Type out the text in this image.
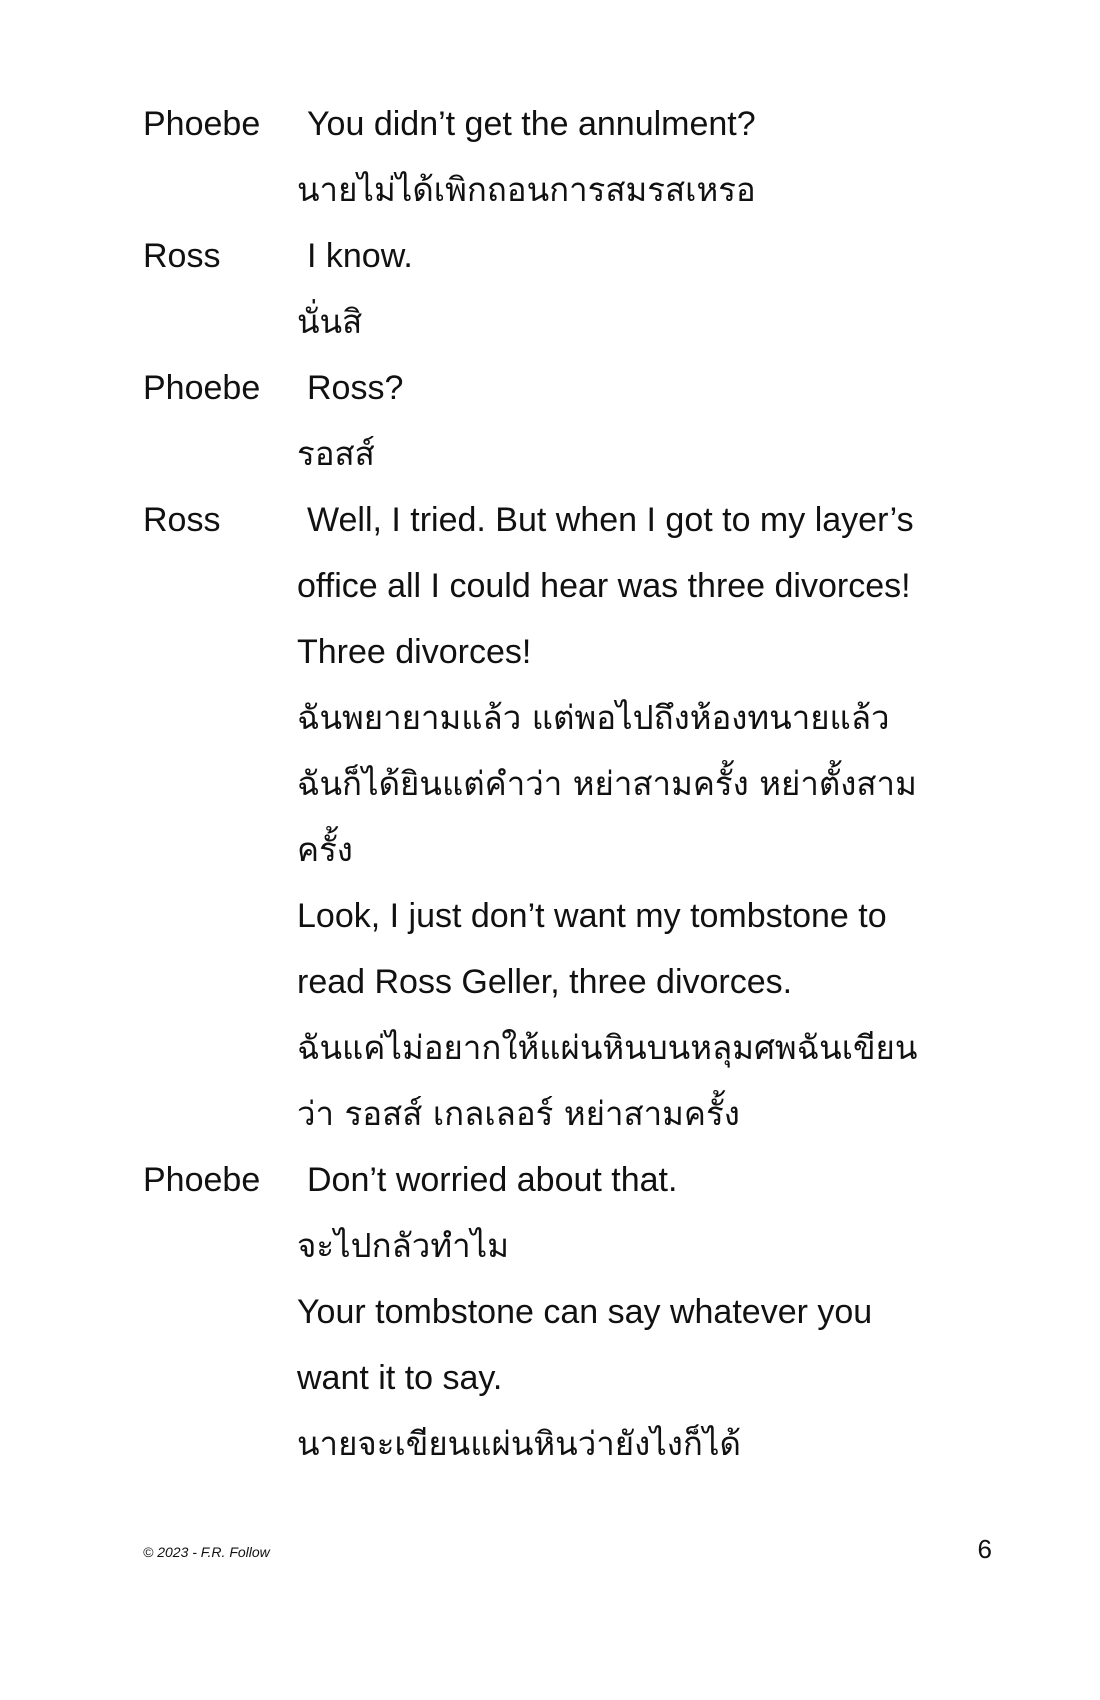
Phoebe	You didn’t get the annulment?
นายไม่ได้เพิกถอนการสมรสเหรอ
Ross	I know.
นั่นสิ
Phoebe	Ross?
รอสส์
Ross	Well, I tried. But when I got to my layer’s
office all I could hear was three divorces!
Three divorces!
ฉันพยายามแล้ว แต่พอไปถึงห้องทนายแล้ว
ฉันก็ได้ยินแต่คำว่า หย่าสามครั้ง หย่าตั้งสาม
ครั้ง
Look, I just don’t want my tombstone to
read Ross Geller, three divorces.
ฉันแค่ไม่อยากให้แผ่นหินบนหลุมศพฉันเขียน
ว่า รอสส์ เกลเลอร์ หย่าสามครั้ง
Phoebe	Don’t worried about that.
จะไปกลัวทำไม
Your tombstone can say whatever you
want it to say.
นายจะเขียนแผ่นหินว่ายังไงก็ได้
© 2023 - F.R. Follow	6
